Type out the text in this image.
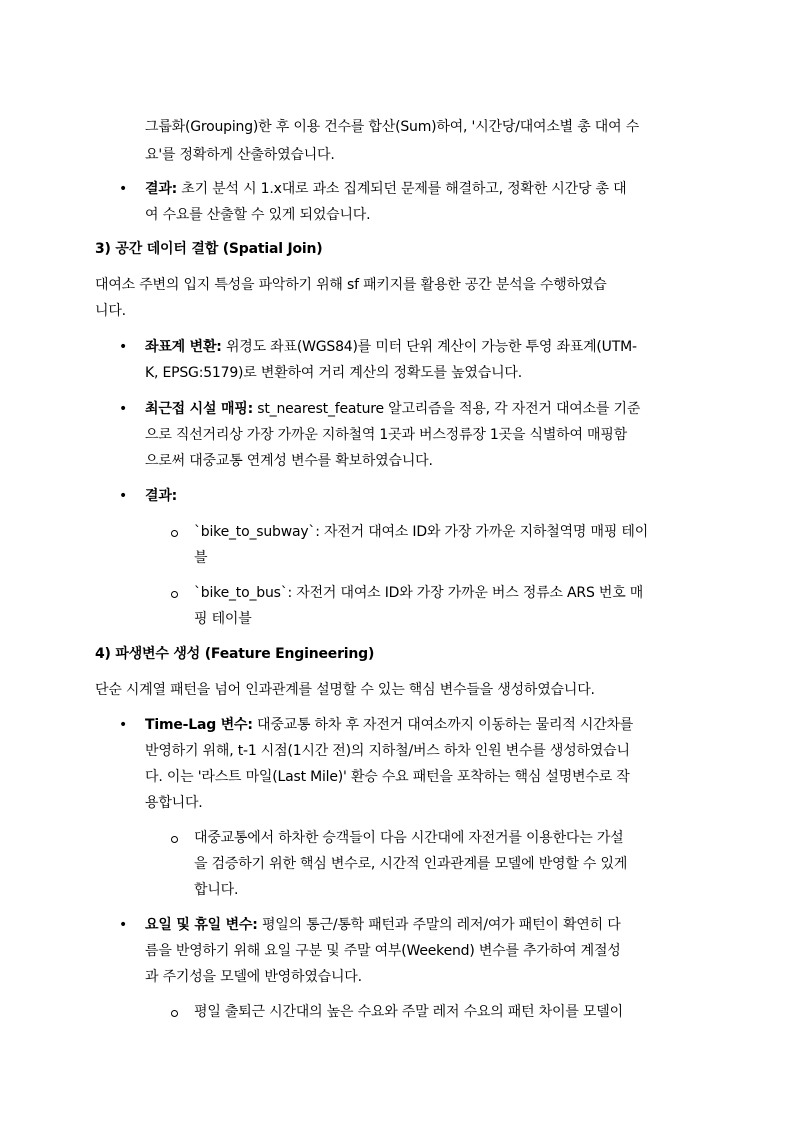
그룹화(Grouping)한 후 이용 건수를 합산(Sum)하여, '시간당/대여소별 총 대여 수
요'를 정확하게 산출하였습니다.
• 결과: 초기 분석 시 1.x대로 과소 집계되던 문제를 해결하고, 정확한 시간당 총 대
여 수요를 산출할 수 있게 되었습니다.
3) 공간 데이터 결합 (Spatial Join)
대여소 주변의 입지 특성을 파악하기 위해 sf 패키지를 활용한 공간 분석을 수행하였습
니다.
• 좌표계 변환: 위경도 좌표(WGS84)를 미터 단위 계산이 가능한 투영 좌표계(UTM-
K, EPSG:5179)로 변환하여 거리 계산의 정확도를 높였습니다.
• 최근접 시설 매핑: st_nearest_feature 알고리즘을 적용, 각 자전거 대여소를 기준
으로 직선거리상 가장 가까운 지하철역 1곳과 버스정류장 1곳을 식별하여 매핑함
으로써 대중교통 연계성 변수를 확보하였습니다.
• 결과:
`bike_to_subway`: 자전거 대여소 ID와 가장 가까운 지하철역명 매핑 테이
블
`bike_to_bus`: 자전거 대여소 ID와 가장 가까운 버스 정류소 ARS 번호 매
핑 테이블
4) 파생변수 생성 (Feature Engineering)
단순 시계열 패턴을 넘어 인과관계를 설명할 수 있는 핵심 변수들을 생성하였습니다.
• Time-Lag 변수: 대중교통 하차 후 자전거 대여소까지 이동하는 물리적 시간차를
반영하기 위해, t-1 시점(1시간 전)의 지하철/버스 하차 인원 변수를 생성하였습니
다. 이는 '라스트 마일(Last Mile)' 환승 수요 패턴을 포착하는 핵심 설명변수로 작
용합니다.
대중교통에서 하차한 승객들이 다음 시간대에 자전거를 이용한다는 가설
을 검증하기 위한 핵심 변수로, 시간적 인과관계를 모델에 반영할 수 있게
합니다.
• 요일 및 휴일 변수: 평일의 통근/통학 패턴과 주말의 레저/여가 패턴이 확연히 다
름을 반영하기 위해 요일 구분 및 주말 여부(Weekend) 변수를 추가하여 계절성
과 주기성을 모델에 반영하였습니다.
평일 출퇴근 시간대의 높은 수요와 주말 레저 수요의 패턴 차이를 모델이
